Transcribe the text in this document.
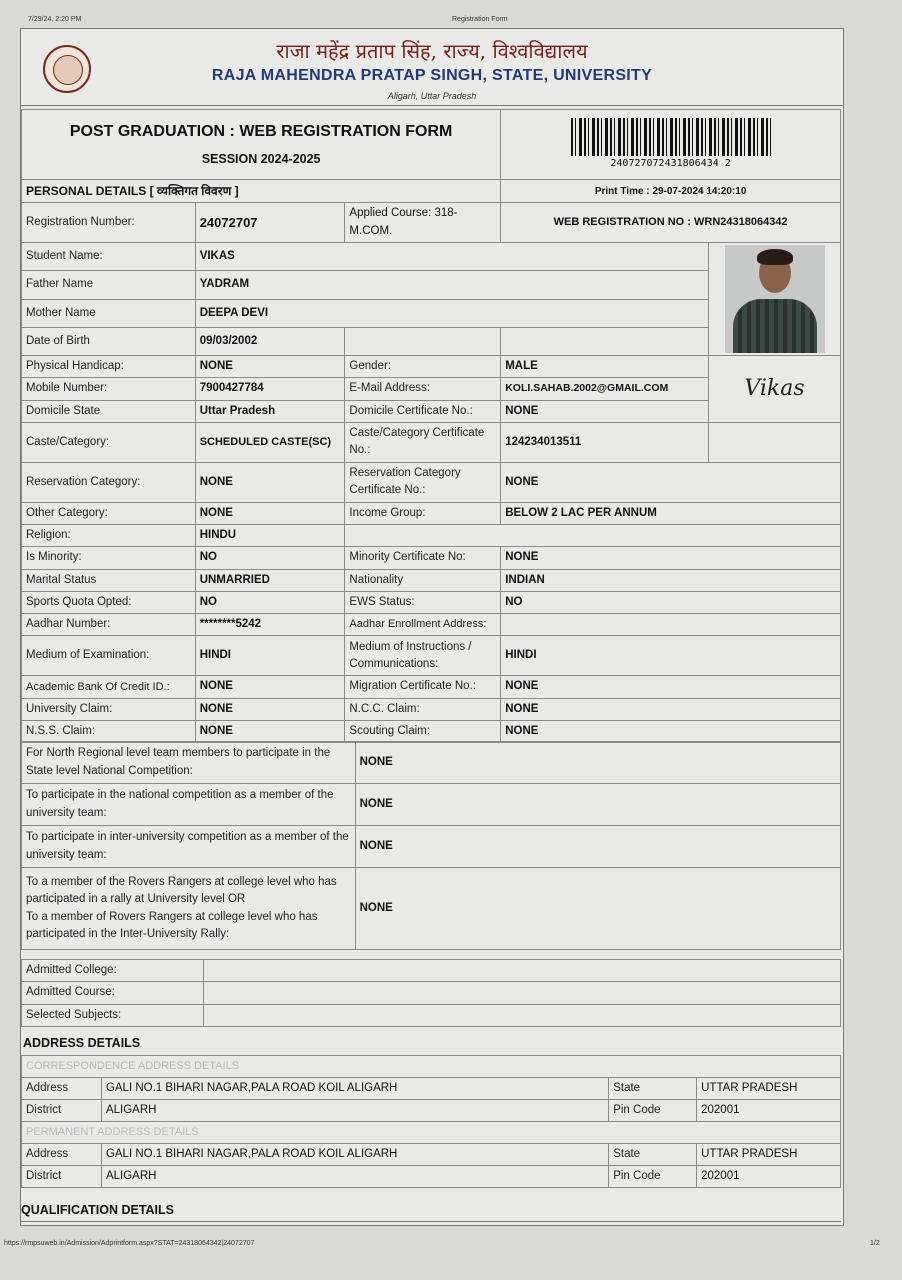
7/29/24, 2:20 PM	Registration Form
राजा महेंद्र प्रताप सिंह, राज्य, विश्वविद्यालय
RAJA MAHENDRA PRATAP SINGH, STATE, UNIVERSITY
Aligarh, Uttar Pradesh
POST GRADUATION : WEB REGISTRATION FORM
SESSION 2024-2025			240727072431806434 2	

PERSONAL DETAILS [ व्यक्तिगत विवरण ]			Print Time : 29-07-2024 14:20:10	
Registration Number:	24072707	Applied Course: 318-M.COM.	WEB REGISTRATION NO : WRN24318064342	
Student Name:	VIKAS			

Father Name	YADRAM			
Mother Name	DEEPA DEVI			
Date of Birth	09/03/2002			
Physical Handicap:	NONE	Gender:	MALE	Vikas

Mobile Number:	7900427784	E-Mail Address:	KOLI.SAHAB.2002@GMAIL.COM	
Domicile State	Uttar Pradesh	Domicile Certificate No.:	NONE	
Caste/Category:	SCHEDULED CASTE(SC)	Caste/Category Certificate No.:	124234013511	
Reservation Category:	NONE	Reservation Category Certificate No.:	NONE	
Other Category:	NONE	Income Group:	BELOW 2 LAC PER ANNUM	
Religion:	HINDU			
Is Minority:	NO	Minority Certificate No:	NONE	
Marital Status	UNMARRIED	Nationality	INDIAN	
Sports Quota Opted:	NO	EWS Status:	NO	
Aadhar Number:	********5242	Aadhar Enrollment Address:		
Medium of Examination:	HINDI	Medium of Instructions / Communications:	HINDI	
Academic Bank Of Credit ID.:	NONE	Migration Certificate No.:	NONE	
University Claim:	NONE	N.C.C. Claim:	NONE	
N.S.S. Claim:	NONE	Scouting Claim:	NONE	
For North Regional level team members to participate in the State level National Competition:	NONE
To participate in the national competition as a member of the university team:	NONE
To participate in inter-university competition as a member of the university team:	NONE

To a member of the Rovers Rangers at college level who has participated in a rally at University level OR
To a member of Rovers Rangers at college level who has participated in the Inter-University Rally:	NONE
Admitted College:	
Admitted Course:	
Selected Subjects:	
ADDRESS DETAILS
CORRESPONDENCE ADDRESS DETAILS			
Address	GALI NO.1 BIHARI NAGAR,PALA ROAD KOIL ALIGARH	State	UTTAR PRADESH
District	ALIGARH	Pin Code	202001
PERMANENT ADDRESS DETAILS			
Address	GALI NO.1 BIHARI NAGAR,PALA ROAD KOIL ALIGARH	State	UTTAR PRADESH
District	ALIGARH	Pin Code	202001
QUALIFICATION DETAILS
https://rmpsuweb.in/Admission/Adprintform.aspx?STAT=24318064342|24072707	1/2
